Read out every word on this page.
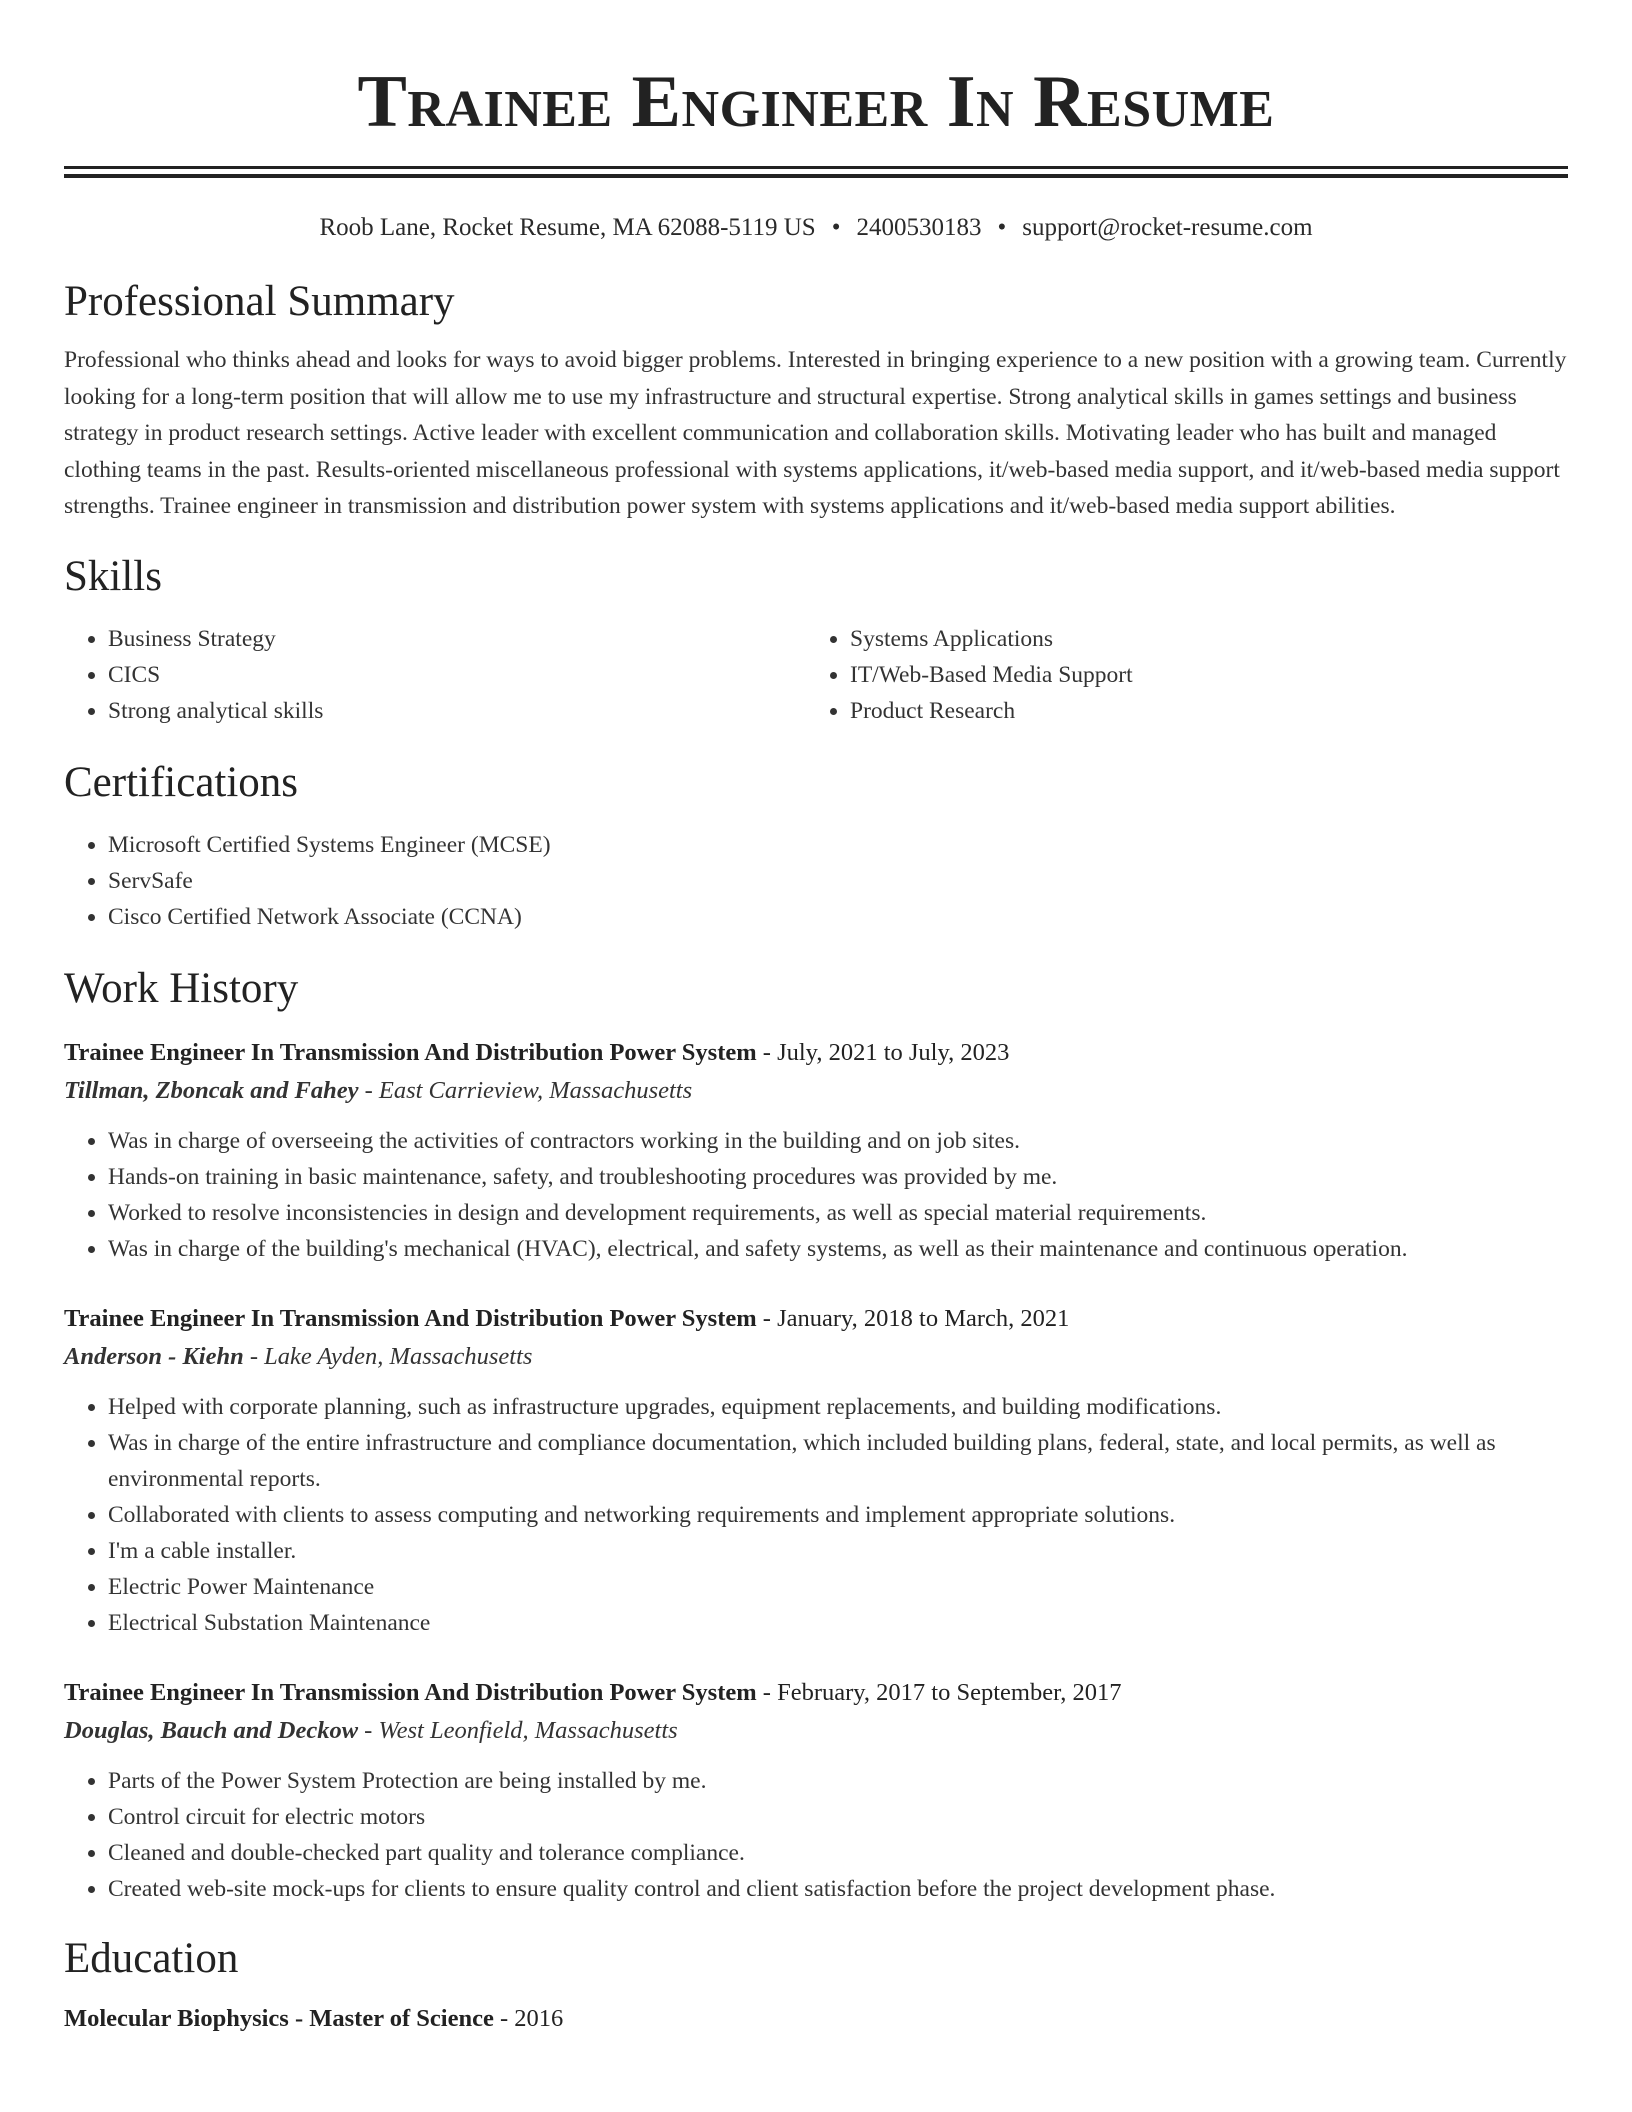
Trainee Engineer In Resume
Roob Lane, Rocket Resume, MA 62088-5119 US • 2400530183 • support@rocket-resume.com
Professional Summary

Professional who thinks ahead and looks for ways to avoid bigger problems. Interested in bringing experience to a new position with a growing team. Currently looking for a long-term position that will allow me to use my infrastructure and structural expertise. Strong analytical skills in games settings and business strategy in product research settings. Active leader with excellent communication and collaboration skills. Motivating leader who has built and managed clothing teams in the past. Results-oriented miscellaneous professional with systems applications, it/web-based media support, and it/web-based media support strengths. Trainee engineer in transmission and distribution power system with systems applications and it/web-based media support abilities.

Skills
• Business Strategy
• CICS
• Strong analytical skills
• Systems Applications
• IT/Web-Based Media Support
• Product Research
Certifications
• Microsoft Certified Systems Engineer (MCSE)
• ServSafe
• Cisco Certified Network Associate (CCNA)
Work History
Trainee Engineer In Transmission And Distribution Power System - July, 2021 to July, 2023
Tillman, Zboncak and Fahey - East Carrieview, Massachusetts
• Was in charge of overseeing the activities of contractors working in the building and on job sites.
• Hands-on training in basic maintenance, safety, and troubleshooting procedures was provided by me.
• Worked to resolve inconsistencies in design and development requirements, as well as special material requirements.
• Was in charge of the building's mechanical (HVAC), electrical, and safety systems, as well as their maintenance and continuous operation.
Trainee Engineer In Transmission And Distribution Power System - January, 2018 to March, 2021
Anderson - Kiehn - Lake Ayden, Massachusetts
• Helped with corporate planning, such as infrastructure upgrades, equipment replacements, and building modifications.
• Was in charge of the entire infrastructure and compliance documentation, which included building plans, federal, state, and local permits, as well as environmental reports.
• Collaborated with clients to assess computing and networking requirements and implement appropriate solutions.
• I'm a cable installer.
• Electric Power Maintenance
• Electrical Substation Maintenance
Trainee Engineer In Transmission And Distribution Power System - February, 2017 to September, 2017
Douglas, Bauch and Deckow - West Leonfield, Massachusetts
• Parts of the Power System Protection are being installed by me.
• Control circuit for electric motors
• Cleaned and double-checked part quality and tolerance compliance.
• Created web-site mock-ups for clients to ensure quality control and client satisfaction before the project development phase.
Education
Molecular Biophysics - Master of Science - 2016
